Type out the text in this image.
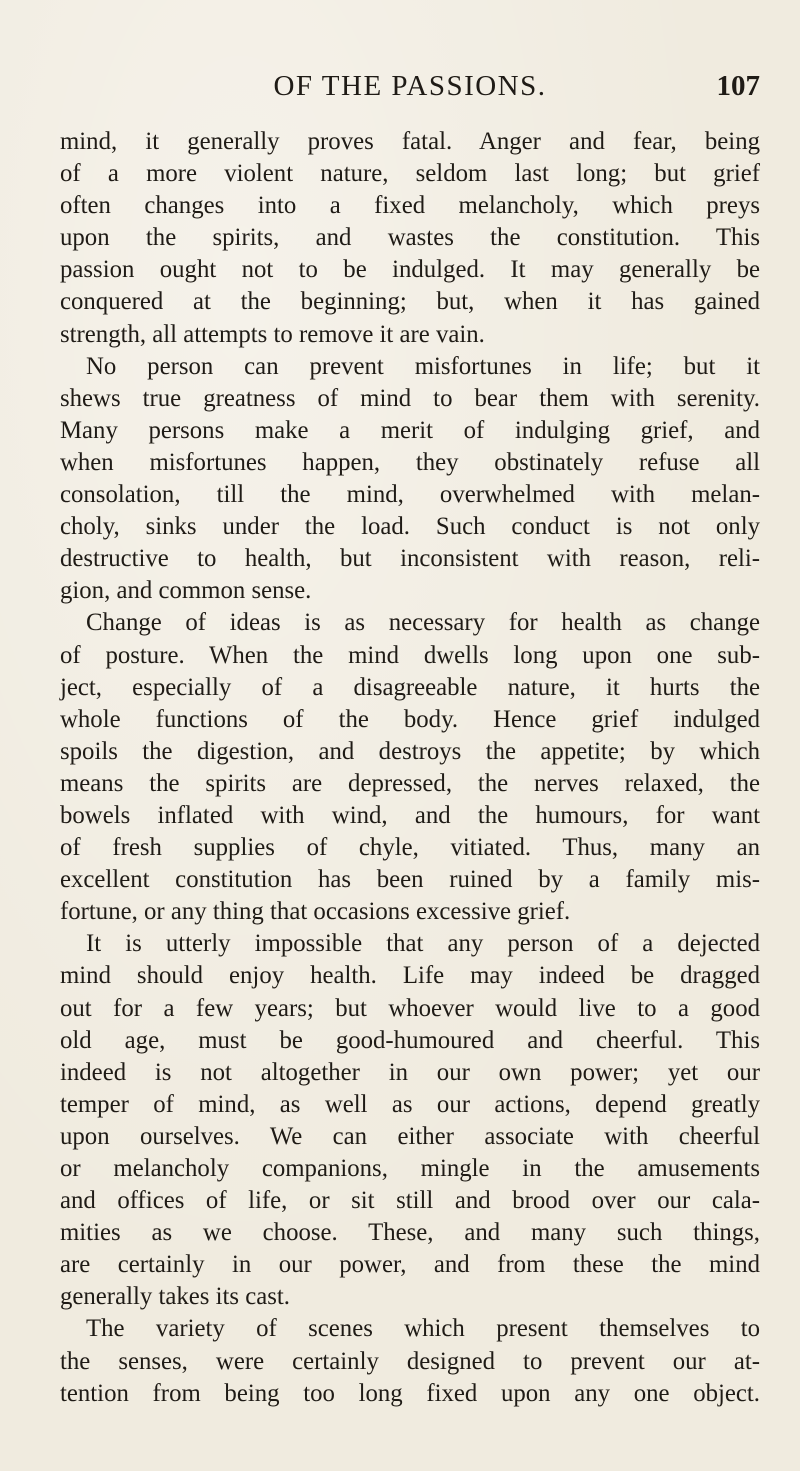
OF THE PASSIONS.	107
mind, it generally proves fatal. Anger and fear, being
of a more violent nature, seldom last long; but grief
often changes into a fixed melancholy, which preys
upon the spirits, and wastes the constitution. This
passion ought not to be indulged. It may generally be
conquered at the beginning; but, when it has gained
strength, all attempts to remove it are vain.
No person can prevent misfortunes in life; but it
shews true greatness of mind to bear them with serenity.
Many persons make a merit of indulging grief, and
when misfortunes happen, they obstinately refuse all
consolation, till the mind, overwhelmed with melan-
choly, sinks under the load. Such conduct is not only
destructive to health, but inconsistent with reason, reli-
gion, and common sense.
Change of ideas is as necessary for health as change
of posture. When the mind dwells long upon one sub-
ject, especially of a disagreeable nature, it hurts the
whole functions of the body. Hence grief indulged
spoils the digestion, and destroys the appetite; by which
means the spirits are depressed, the nerves relaxed, the
bowels inflated with wind, and the humours, for want
of fresh supplies of chyle, vitiated. Thus, many an
excellent constitution has been ruined by a family mis-
fortune, or any thing that occasions excessive grief.
It is utterly impossible that any person of a dejected
mind should enjoy health. Life may indeed be dragged
out for a few years; but whoever would live to a good
old age, must be good-humoured and cheerful. This
indeed is not altogether in our own power; yet our
temper of mind, as well as our actions, depend greatly
upon ourselves. We can either associate with cheerful
or melancholy companions, mingle in the amusements
and offices of life, or sit still and brood over our cala-
mities as we choose. These, and many such things,
are certainly in our power, and from these the mind
generally takes its cast.
The variety of scenes which present themselves to
the senses, were certainly designed to prevent our at-
tention from being too long fixed upon any one object.
